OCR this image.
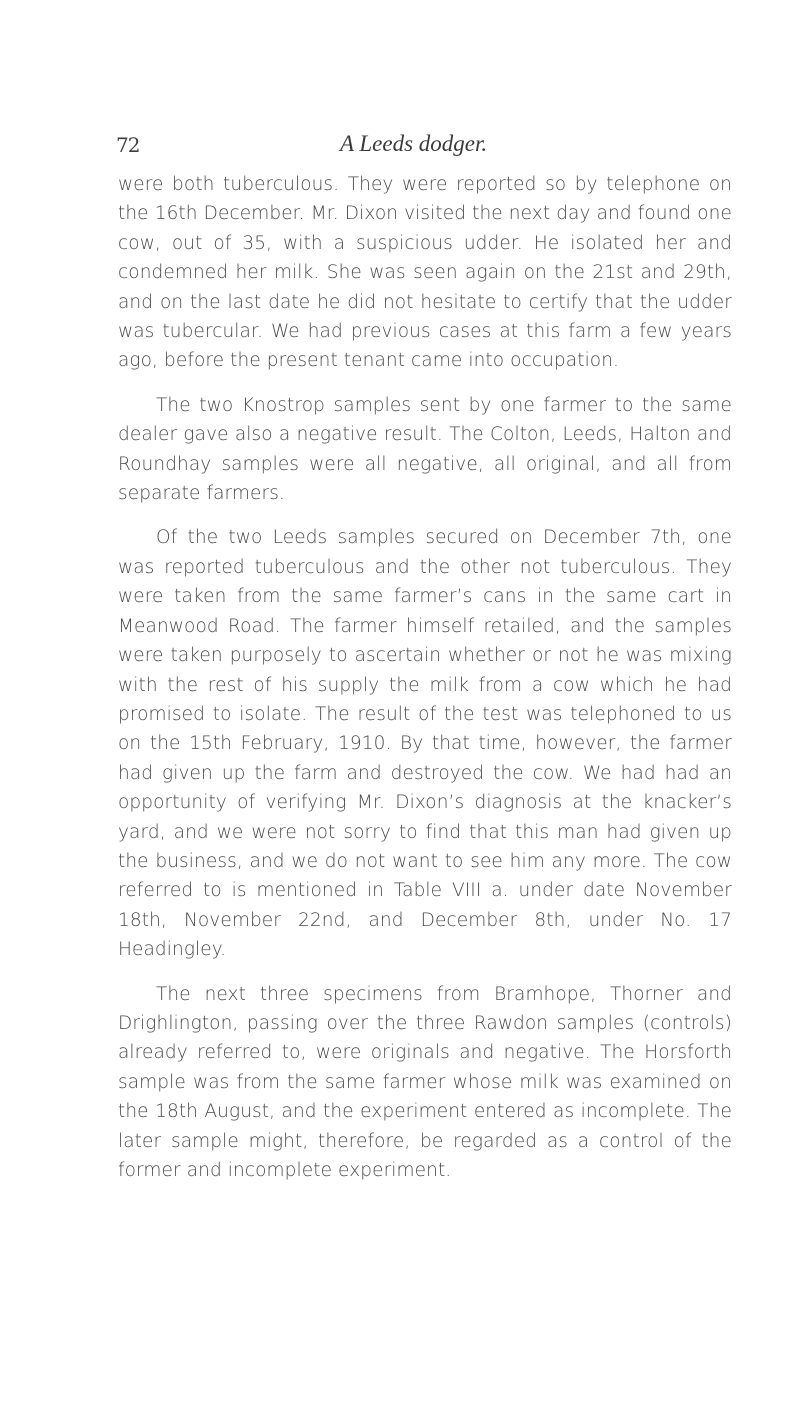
72	A Leeds dodger.

were both tuberculous. They were reported so by telephone on the 16th December. Mr. Dixon visited the next day and found one cow, out of 35, with a suspicious udder. He isolated her and condemned her milk. She was seen again on the 21st and 29th, and on the last date he did not hesitate to certify that the udder was tubercular. We had previous cases at this farm a few years ago, before the present tenant came into occupation.

The two Knostrop samples sent by one farmer to the same dealer gave also a negative result. The Colton, Leeds, Halton and Roundhay samples were all negative, all original, and all from separate farmers.

Of the two Leeds samples secured on December 7th, one was reported tuberculous and the other not tuberculous. They were taken from the same farmer’s cans in the same cart in Meanwood Road. The farmer himself retailed, and the samples were taken purposely to ascertain whether or not he was mixing with the rest of his supply the milk from a cow which he had promised to isolate. The result of the test was telephoned to us on the 15th February, 1910. By that time, however, the farmer had given up the farm and destroyed the cow. We had had an opportunity of verifying Mr. Dixon’s diagnosis at the knacker’s yard, and we were not sorry to find that this man had given up the business, and we do not want to see him any more. The cow referred to is mentioned in Table VIII a. under date November 18th, November 22nd, and December 8th, under No. 17 Headingley.

The next three specimens from Bramhope, Thorner and Drighlington, passing over the three Rawdon samples (controls) already referred to, were originals and negative. The Horsforth sample was from the same farmer whose milk was examined on the 18th August, and the experiment entered as incomplete. The later sample might, therefore, be regarded as a control of the former and incomplete experiment.
